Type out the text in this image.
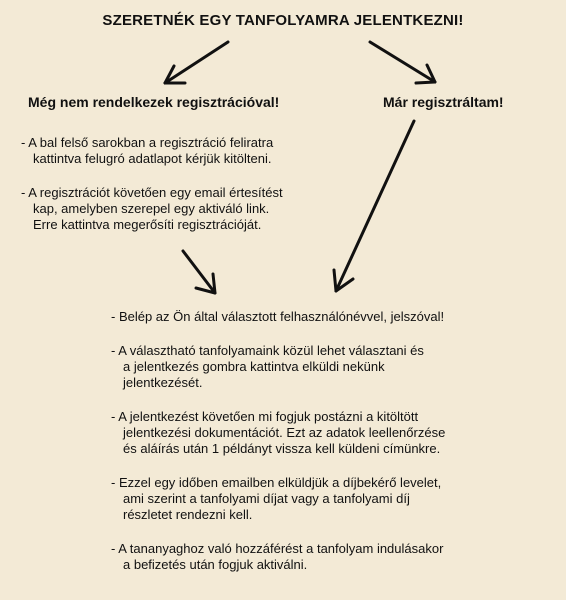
SZERETNÉK EGY TANFOLYAMRA JELENTKEZNI!
Még nem rendelkezek regisztrációval!	Már regisztráltam!
- A bal felső sarokban a regisztráció feliratra
kattintva felugró adatlapot kérjük kitölteni.
- A regisztrációt követően egy email értesítést
kap, amelyben szerepel egy aktiváló link.
Erre kattintva megerősíti regisztrációját.
- Belép az Ön által választott felhasználónévvel, jelszóval!
- A választható tanfolyamaink közül lehet választani és
a jelentkezés gombra kattintva elküldi nekünk
jelentkezését.
- A jelentkezést követően mi fogjuk postázni a kitöltött
jelentkezési dokumentációt. Ezt az adatok leellenőrzése
és aláírás után 1 példányt vissza kell küldeni címünkre.
- Ezzel egy időben emailben elküldjük a díjbekérő levelet,
ami szerint a tanfolyami díjat vagy a tanfolyami díj
részletet rendezni kell.
- A tananyaghoz való hozzáférést a tanfolyam indulásakor
a befizetés után fogjuk aktiválni.
